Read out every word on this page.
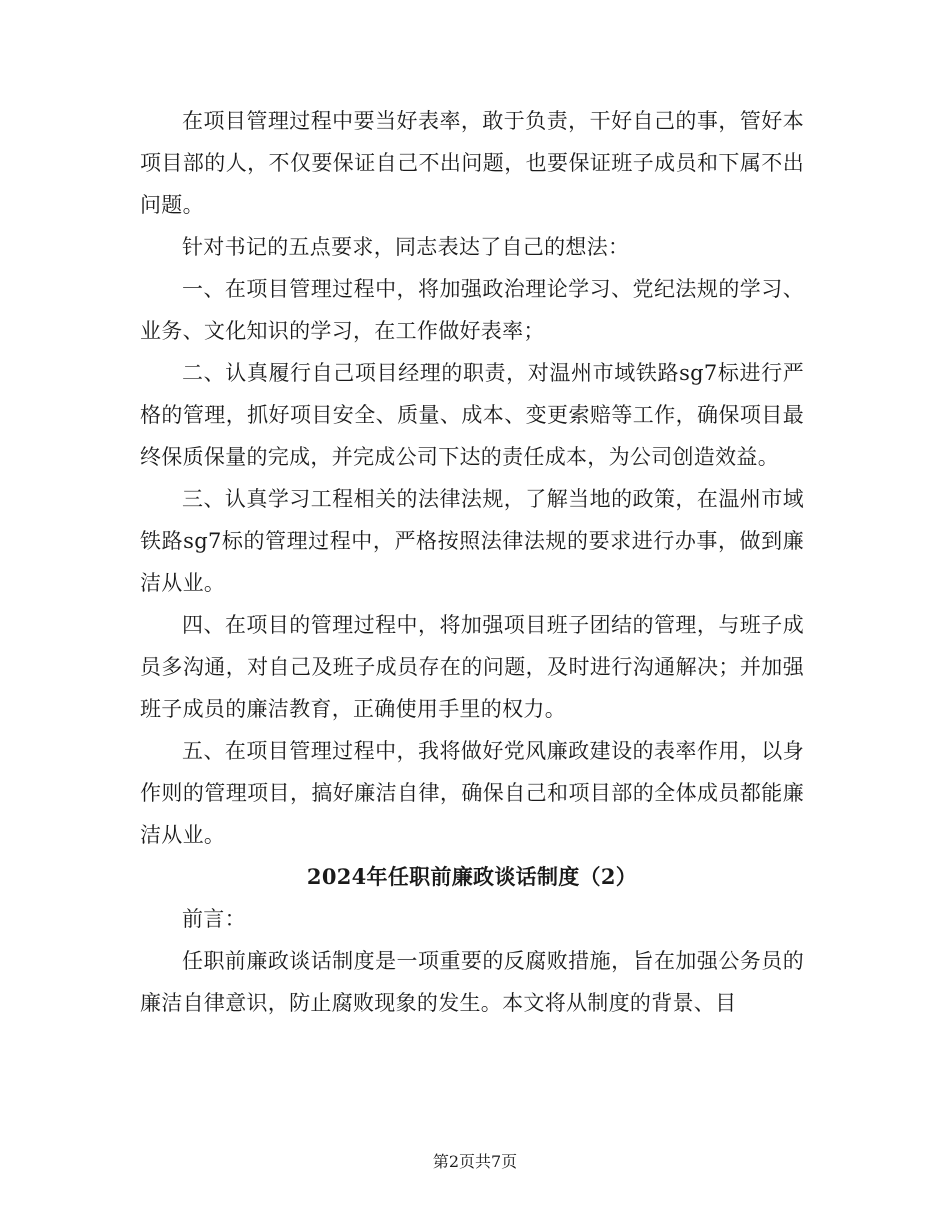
在项目管理过程中要当好表率，敢于负责，干好自己的事，管好本项目部的人，不仅要保证自己不出问题，也要保证班子成员和下属不出问题。

针对书记的五点要求，同志表达了自己的想法：

一、在项目管理过程中，将加强政治理论学习、党纪法规的学习、业务、文化知识的学习，在工作做好表率；

二、认真履行自己项目经理的职责，对温州市域铁路sg7标进行严格的管理，抓好项目安全、质量、成本、变更索赔等工作，确保项目最终保质保量的完成，并完成公司下达的责任成本，为公司创造效益。

三、认真学习工程相关的法律法规，了解当地的政策，在温州市域铁路sg7标的管理过程中，严格按照法律法规的要求进行办事，做到廉洁从业。

四、在项目的管理过程中，将加强项目班子团结的管理，与班子成员多沟通，对自己及班子成员存在的问题，及时进行沟通解决；并加强班子成员的廉洁教育，正确使用手里的权力。

五、在项目管理过程中，我将做好党风廉政建设的表率作用，以身作则的管理项目，搞好廉洁自律，确保自己和项目部的全体成员都能廉洁从业。

2024年任职前廉政谈话制度（2）

前言：

任职前廉政谈话制度是一项重要的反腐败措施，旨在加强公务员的廉洁自律意识，防止腐败现象的发生。本文将从制度的背景、目

第2页共7页
